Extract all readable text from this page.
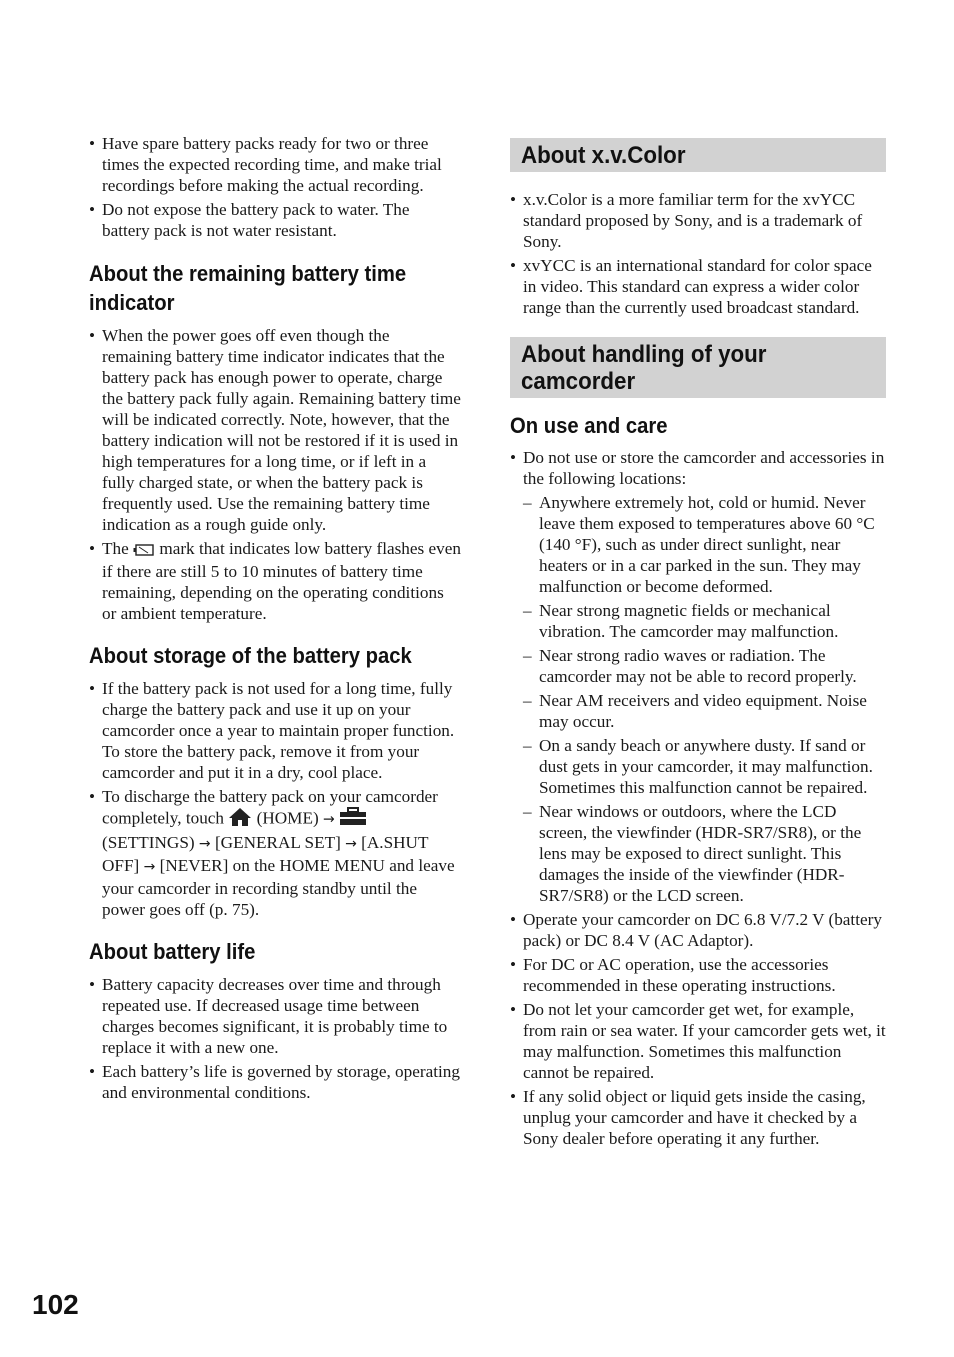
• Have spare battery packs ready for two or three times the expected recording time, and make trial recordings before making the actual recording.
• Do not expose the battery pack to water. The battery pack is not water resistant.
About the remaining battery time indicator
• When the power goes off even though the remaining battery time indicator indicates that the battery pack has enough power to operate, charge the battery pack fully again. Remaining battery time will be indicated correctly. Note, however, that the battery indication will not be restored if it is used in high temperatures for a long time, or if left in a fully charged state, or when the battery pack is frequently used. Use the remaining battery time indication as a rough guide only.
• The mark that indicates low battery flashes even if there are still 5 to 10 minutes of battery time remaining, depending on the operating conditions or ambient temperature.
About storage of the battery pack
• If the battery pack is not used for a long time, fully charge the battery pack and use it up on your camcorder once a year to maintain proper function. To store the battery pack, remove it from your camcorder and put it in a dry, cool place.
• To discharge the battery pack on your camcorder completely, touch (HOME) →  (SETTINGS) → [GENERAL SET] → [A.SHUT OFF] → [NEVER] on the HOME MENU and leave your camcorder in recording standby until the power goes off (p. 75).
About battery life
• Battery capacity decreases over time and through repeated use. If decreased usage time between charges becomes significant, it is probably time to replace it with a new one.
• Each battery’s life is governed by storage, operating and environmental conditions.
About x.v.Color
• x.v.Color is a more familiar term for the xvYCC standard proposed by Sony, and is a trademark of Sony.
• xvYCC is an international standard for color space in video. This standard can express a wider color range than the currently used broadcast standard.
About handling of your camcorder
On use and care
• Do not use or store the camcorder and accessories in the following locations:
– Anywhere extremely hot, cold or humid. Never leave them exposed to temperatures above 60 °C (140 °F), such as under direct sunlight, near heaters or in a car parked in the sun. They may malfunction or become deformed.
– Near strong magnetic fields or mechanical vibration. The camcorder may malfunction.
– Near strong radio waves or radiation. The camcorder may not be able to record properly.
– Near AM receivers and video equipment. Noise may occur.
– On a sandy beach or anywhere dusty. If sand or dust gets in your camcorder, it may malfunction. Sometimes this malfunction cannot be repaired.
– Near windows or outdoors, where the LCD screen, the viewfinder (HDR-SR7/SR8), or the lens may be exposed to direct sunlight. This damages the inside of the viewfinder (HDR-SR7/SR8) or the LCD screen.
• Operate your camcorder on DC 6.8 V/7.2 V (battery pack) or DC 8.4 V (AC Adaptor).
• For DC or AC operation, use the accessories recommended in these operating instructions.
• Do not let your camcorder get wet, for example, from rain or sea water. If your camcorder gets wet, it may malfunction. Sometimes this malfunction cannot be repaired.
• If any solid object or liquid gets inside the casing, unplug your camcorder and have it checked by a Sony dealer before operating it any further.
102
